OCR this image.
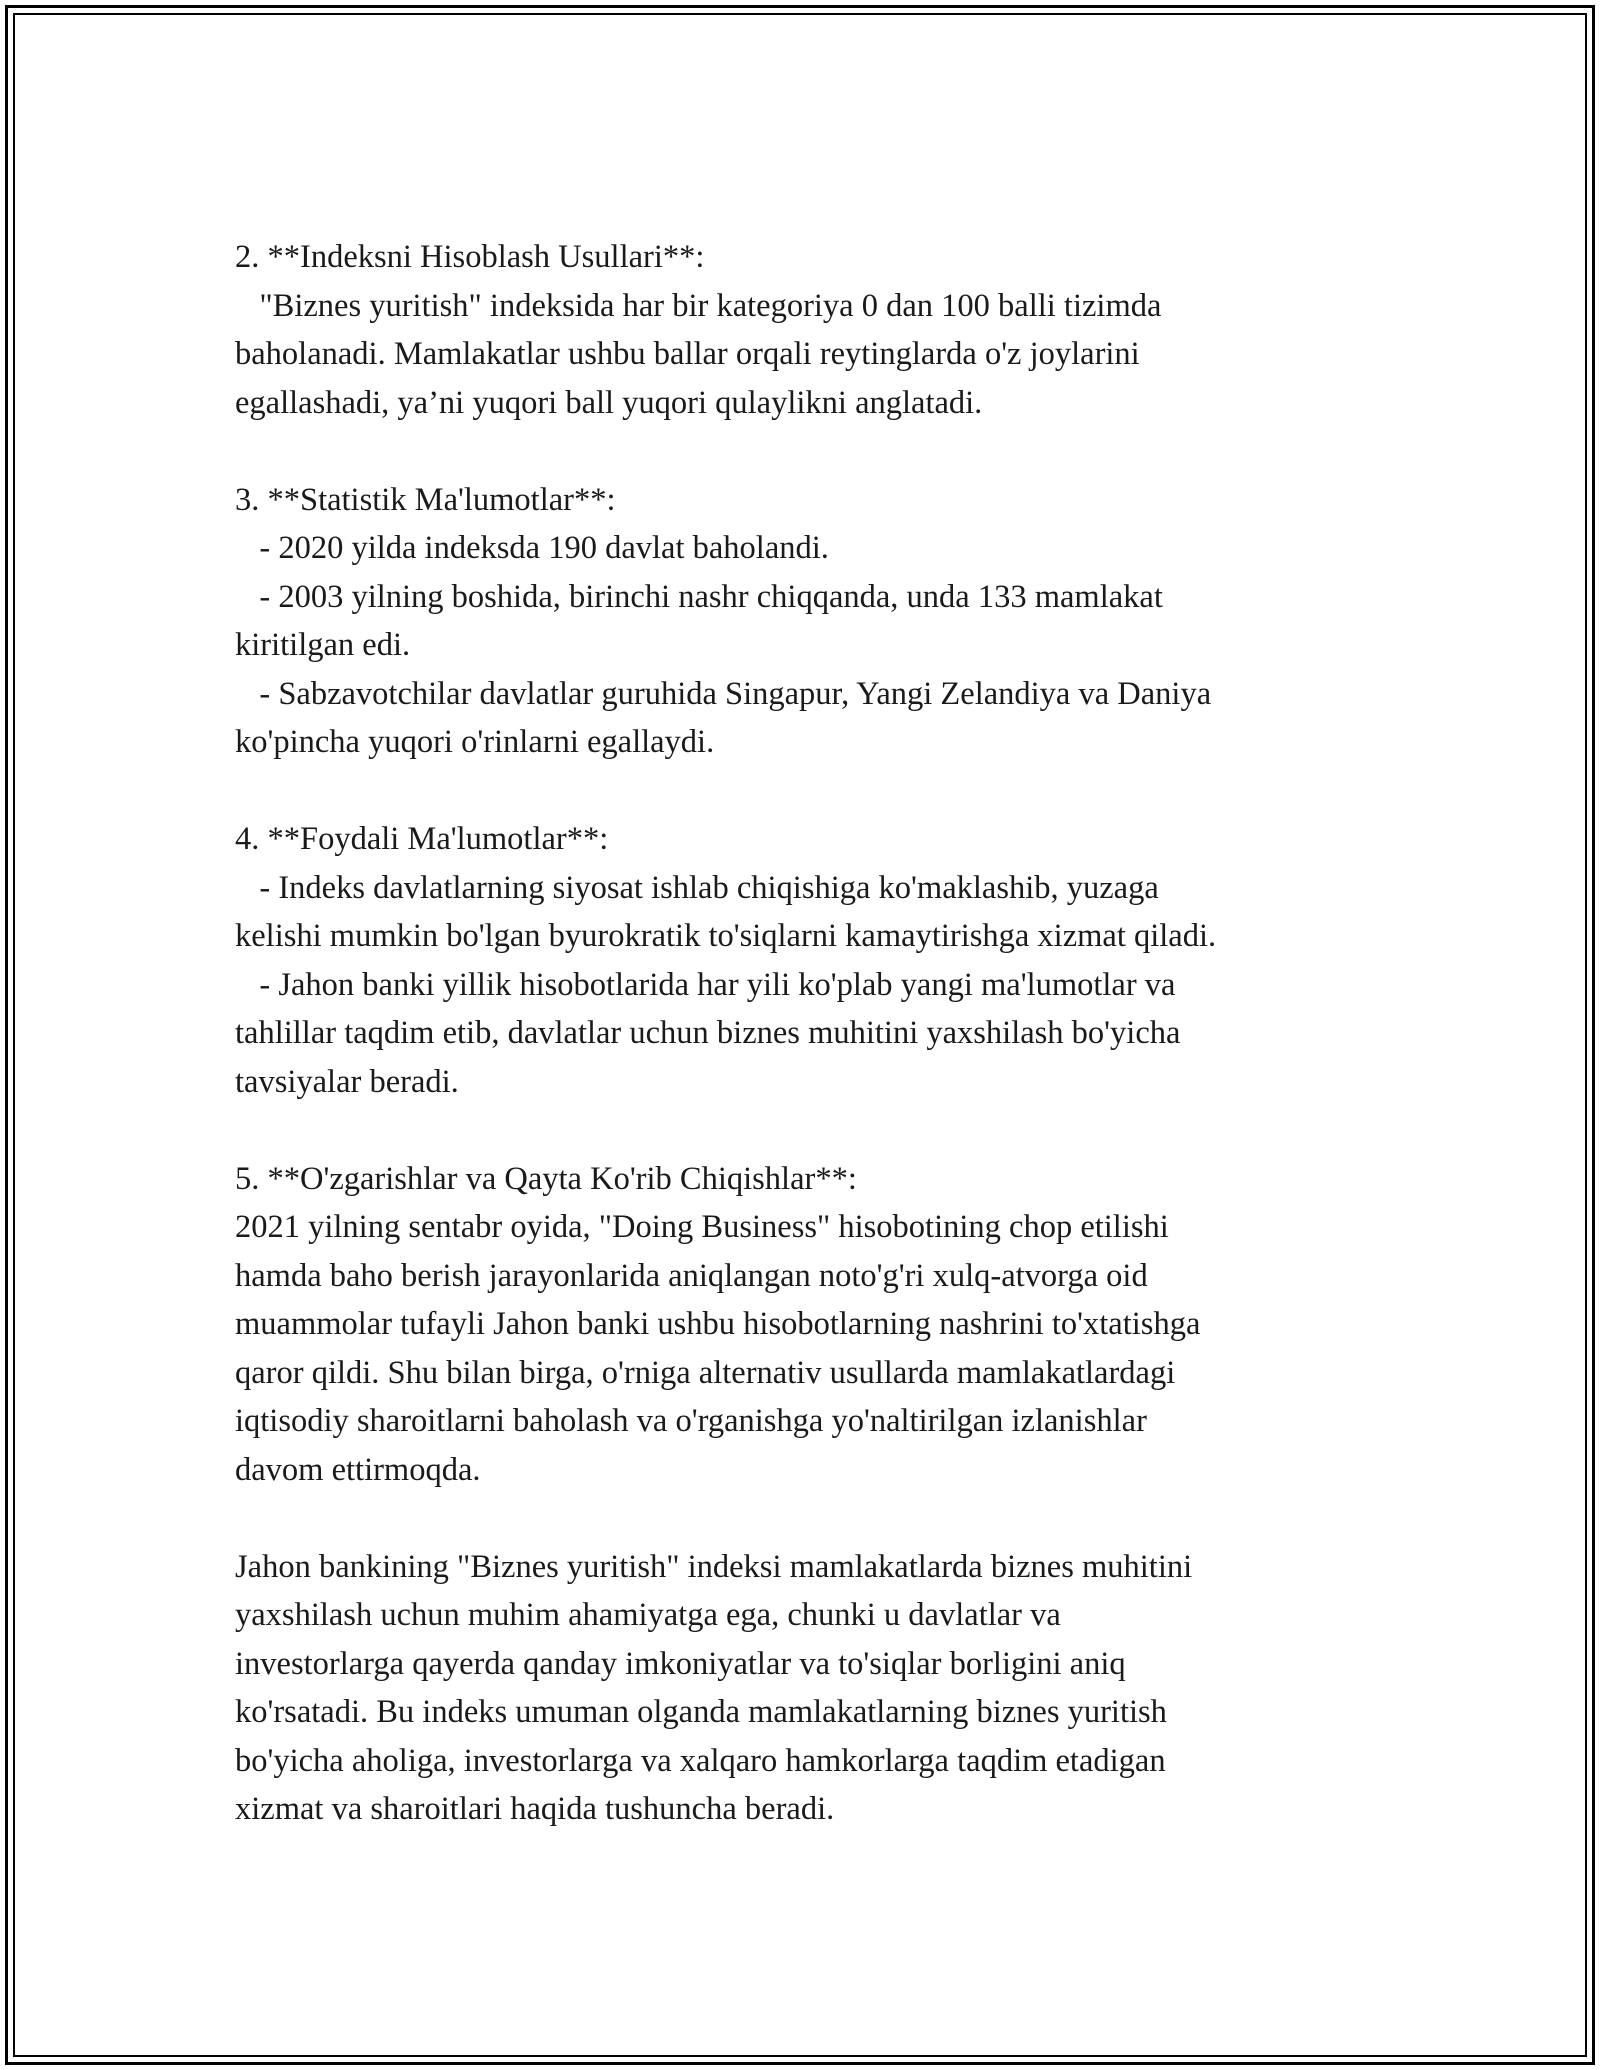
2. **Indeksni Hisoblash Usullari**:
"Biznes yuritish" indeksida har bir kategoriya 0 dan 100 balli tizimda
baholanadi. Mamlakatlar ushbu ballar orqali reytinglarda o'z joylarini
egallashadi, ya’ni yuqori ball yuqori qulaylikni anglatadi.
3. **Statistik Ma'lumotlar**:
- 2020 yilda indeksda 190 davlat baholandi.
- 2003 yilning boshida, birinchi nashr chiqqanda, unda 133 mamlakat
kiritilgan edi.
- Sabzavotchilar davlatlar guruhida Singapur, Yangi Zelandiya va Daniya
ko'pincha yuqori o'rinlarni egallaydi.
4. **Foydali Ma'lumotlar**:
- Indeks davlatlarning siyosat ishlab chiqishiga ko'maklashib, yuzaga
kelishi mumkin bo'lgan byurokratik to'siqlarni kamaytirishga xizmat qiladi.
- Jahon banki yillik hisobotlarida har yili ko'plab yangi ma'lumotlar va
tahlillar taqdim etib, davlatlar uchun biznes muhitini yaxshilash bo'yicha
tavsiyalar beradi.
5. **O'zgarishlar va Qayta Ko'rib Chiqishlar**:
2021 yilning sentabr oyida, "Doing Business" hisobotining chop etilishi
hamda baho berish jarayonlarida aniqlangan noto'g'ri xulq-atvorga oid
muammolar tufayli Jahon banki ushbu hisobotlarning nashrini to'xtatishga
qaror qildi. Shu bilan birga, o'rniga alternativ usullarda mamlakatlardagi
iqtisodiy sharoitlarni baholash va o'rganishga yo'naltirilgan izlanishlar
davom ettirmoqda.
Jahon bankining "Biznes yuritish" indeksi mamlakatlarda biznes muhitini
yaxshilash uchun muhim ahamiyatga ega, chunki u davlatlar va
investorlarga qayerda qanday imkoniyatlar va to'siqlar borligini aniq
ko'rsatadi. Bu indeks umuman olganda mamlakatlarning biznes yuritish
bo'yicha aholiga, investorlarga va xalqaro hamkorlarga taqdim etadigan
xizmat va sharoitlari haqida tushuncha beradi.
